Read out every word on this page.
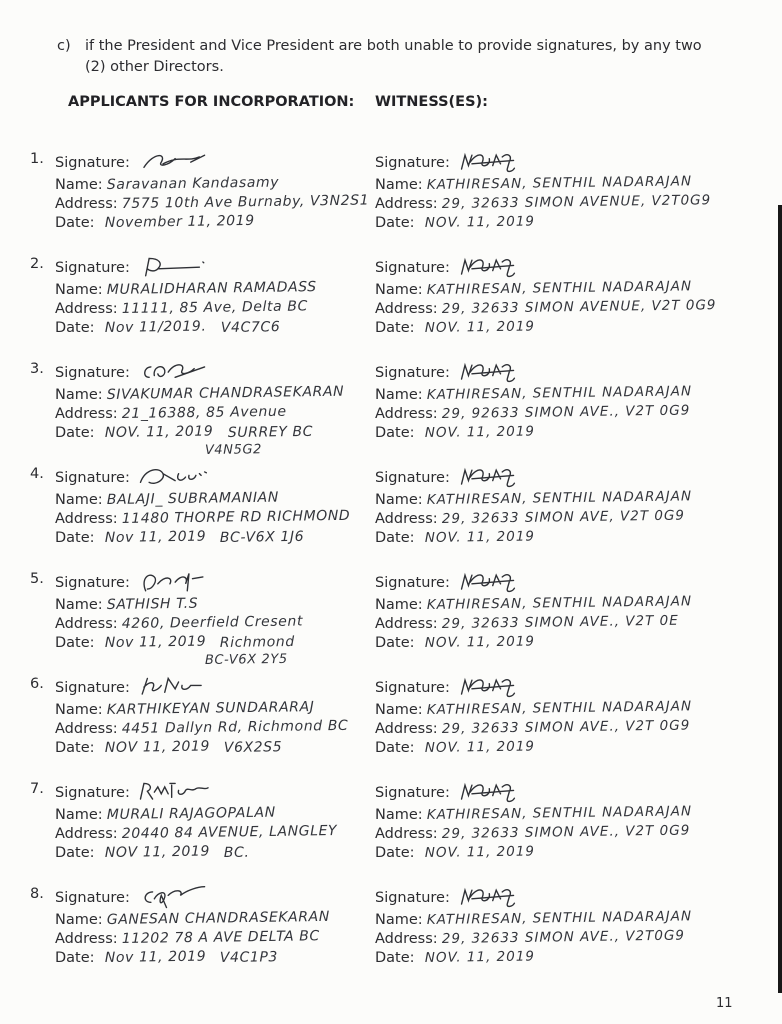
c) if the President and Vice President are both unable to provide signatures, by any two (2) other Directors.
APPLICANTS FOR INCORPORATION: WITNESS(ES):
1. Signature:
Name: Saravanan Kandasamy
Address: 7575 10th Ave Burnaby, V3N2S1
Date: November 11, 2019
Signature:
Name: KATHIRESAN, SENTHIL NADARAJAN
Address: 29, 32633 SIMON AVENUE, V2T0G9
Date: NOV. 11, 2019
2. Signature:
Name: MURALIDHARAN RAMADASS
Address: 11111, 85 Ave, Delta BC
Date: Nov 11/2019. V4C7C6
Signature:
Name: KATHIRESAN, SENTHIL NADARAJAN
Address: 29, 32633 SIMON AVENUE, V2T 0G9
Date: NOV. 11, 2019
3. Signature:
Name: SIVAKUMAR CHANDRASEKARAN
Address: 21_16388, 85 Avenue
Date: NOV. 11, 2019 SURREY BC
V4N5G2
Signature:
Name: KATHIRESAN, SENTHIL NADARAJAN
Address: 29, 92633 SIMON AVE., V2T 0G9
Date: NOV. 11, 2019
4. Signature:
Name: BALAJI_ SUBRAMANIAN
Address: 11480 THORPE RD RICHMOND
Date: Nov 11, 2019 BC-V6X 1J6
Signature:
Name: KATHIRESAN, SENTHIL NADARAJAN
Address: 29, 32633 SIMON AVE, V2T 0G9
Date: NOV. 11, 2019
5. Signature:
Name: SATHISH T.S
Address: 4260, Deerfield Cresent
Date: Nov 11, 2019 Richmond
BC-V6X 2Y5
Signature:
Name: KATHIRESAN, SENTHIL NADARAJAN
Address: 29, 32633 SIMON AVE., V2T 0E
Date: NOV. 11, 2019
6. Signature:
Name: KARTHIKEYAN SUNDARARAJ
Address: 4451 Dallyn Rd, Richmond BC
Date: NOV 11, 2019 V6X2S5
Signature:
Name: KATHIRESAN, SENTHIL NADARAJAN
Address: 29, 32633 SIMON AVE., V2T 0G9
Date: NOV. 11, 2019
7. Signature:
Name: MURALI RAJAGOPALAN
Address: 20440 84 AVENUE, LANGLEY
Date: NOV 11, 2019 BC.
Signature:
Name: KATHIRESAN, SENTHIL NADARAJAN
Address: 29, 32633 SIMON AVE., V2T 0G9
Date: NOV. 11, 2019
8. Signature:
Name: GANESAN CHANDRASEKARAN
Address: 11202 78 A AVE DELTA BC
Date: Nov 11, 2019 V4C1P3
Signature:
Name: KATHIRESAN, SENTHIL NADARAJAN
Address: 29, 32633 SIMON AVE., V2T0G9
Date: NOV. 11, 2019
11
